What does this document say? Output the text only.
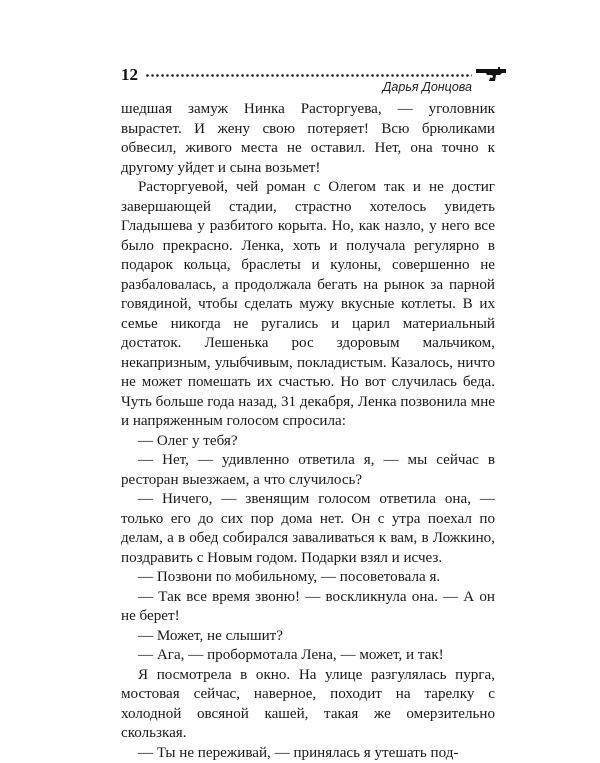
12
Дарья Донцова

шедшая замуж Нинка Расторгуева, — уголовник вырастет. И жену свою потеряет! Всю брюликами обвесил, живого места не оставил. Нет, она точно к другому уйдет и сына возьмет!

Расторгуевой, чей роман с Олегом так и не достиг завершающей стадии, страстно хотелось увидеть Гладышева у разбитого корыта. Но, как назло, у него все было прекрасно. Ленка, хоть и получала регулярно в подарок кольца, браслеты и кулоны, совершенно не разбаловалась, а продолжала бегать на рынок за парной говядиной, чтобы сделать мужу вкусные котлеты. В их семье никогда не ругались и царил материальный достаток. Лешенька рос здоровым мальчиком, некапризным, улыбчивым, покладистым. Казалось, ничто не может помешать их счастью. Но вот случилась беда. Чуть больше года назад, 31 декабря, Ленка позвонила мне и напряженным голосом спросила:

— Олег у тебя?

— Нет, — удивленно ответила я, — мы сейчас в ресторан выезжаем, а что случилось?

— Ничего, — звенящим голосом ответила она, — только его до сих пор дома нет. Он с утра поехал по делам, а в обед собирался заваливаться к вам, в Ложкино, поздравить с Новым годом. Подарки взял и исчез.

— Позвони по мобильному, — посоветовала я.

— Так все время звоню! — воскликнула она. — А он не берет!

— Может, не слышит?

— Ага, — пробормотала Лена, — может, и так!

Я посмотрела в окно. На улице разгулялась пурга, мостовая сейчас, наверное, походит на тарелку с холодной овсяной кашей, такая же омерзительно скользкая.

— Ты не переживай, — принялась я утешать под-
